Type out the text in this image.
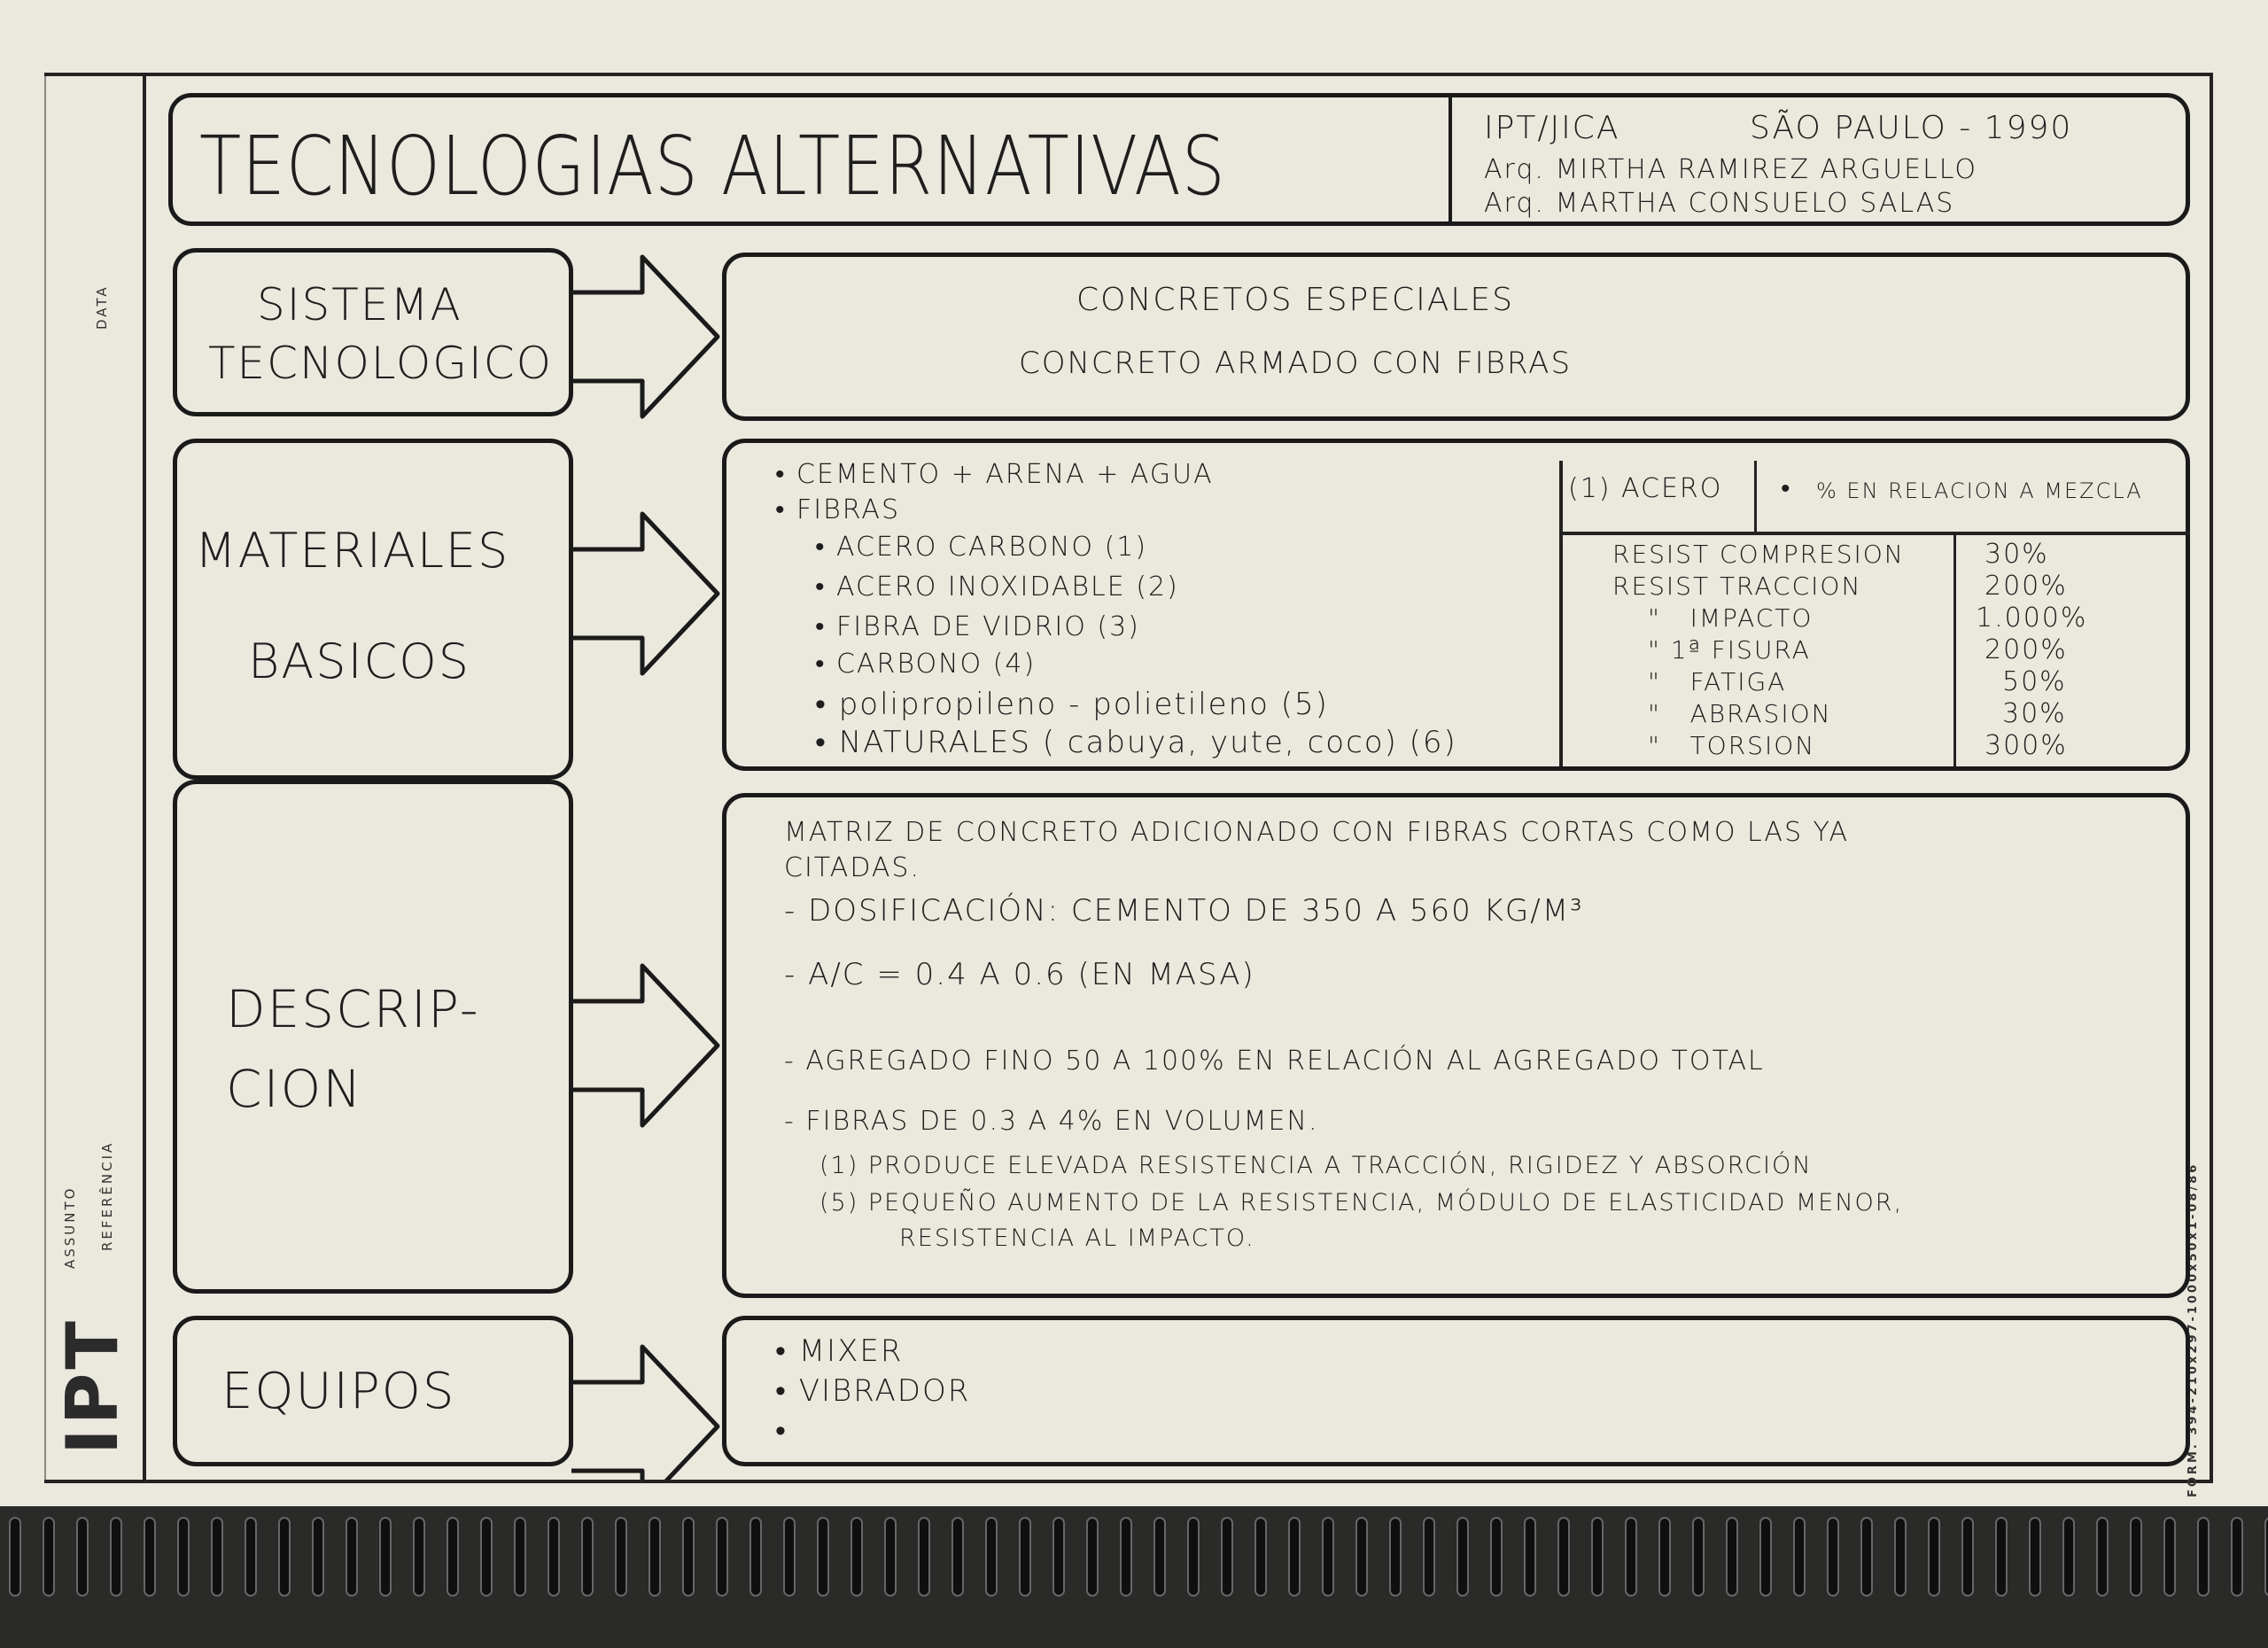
DATA
ASSUNTO REFERÊNCIA
IPT	FORM. 394-210x297-1000x50x1-08/86
TECNOLOGIAS ALTERNATIVAS	IPT/JICA	SÃO PAULO - 1990
Arq. MIRTHA RAMIREZ ARGUELLO
Arq. MARTHA CONSUELO SALAS
SISTEMA
TECNOLOGICO
MATERIALES
BASICOS
DESCRIP-
CION
EQUIPOS
CONCRETOS ESPECIALES
CONCRETO ARMADO CON FIBRAS
• CEMENTO + ARENA + AGUA
• FIBRAS
• ACERO CARBONO (1)
• ACERO INOXIDABLE (2)
• FIBRA DE VIDRIO (3)
• CARBONO (4)
• polipropileno - polietileno (5)
• NATURALES ( cabuya, yute, coco) (6)
(1) ACERO • % EN RELACION A MEZCLA
RESIST COMPRESION	30%
RESIST TRACCION	200%
"   IMPACTO	1.000%
" 1ª FISURA	200%
"   FATIGA	50%
"   ABRASION	30%
"   TORSION	300%
MATRIZ DE CONCRETO ADICIONADO CON FIBRAS CORTAS COMO LAS YA
CITADAS.
- DOSIFICACIÓN: CEMENTO DE 350 A 560 KG/M³
- A/C = 0.4 A 0.6 (EN MASA)
- AGREGADO FINO 50 A 100% EN RELACIÓN AL AGREGADO TOTAL
- FIBRAS DE 0.3 A 4% EN VOLUMEN.
(1) PRODUCE ELEVADA RESISTENCIA A TRACCIÓN, RIGIDEZ Y ABSORCIÓN
(5) PEQUEÑO AUMENTO DE LA RESISTENCIA, MÓDULO DE ELASTICIDAD MENOR,
RESISTENCIA AL IMPACTO.
• MIXER
• VIBRADOR
•
